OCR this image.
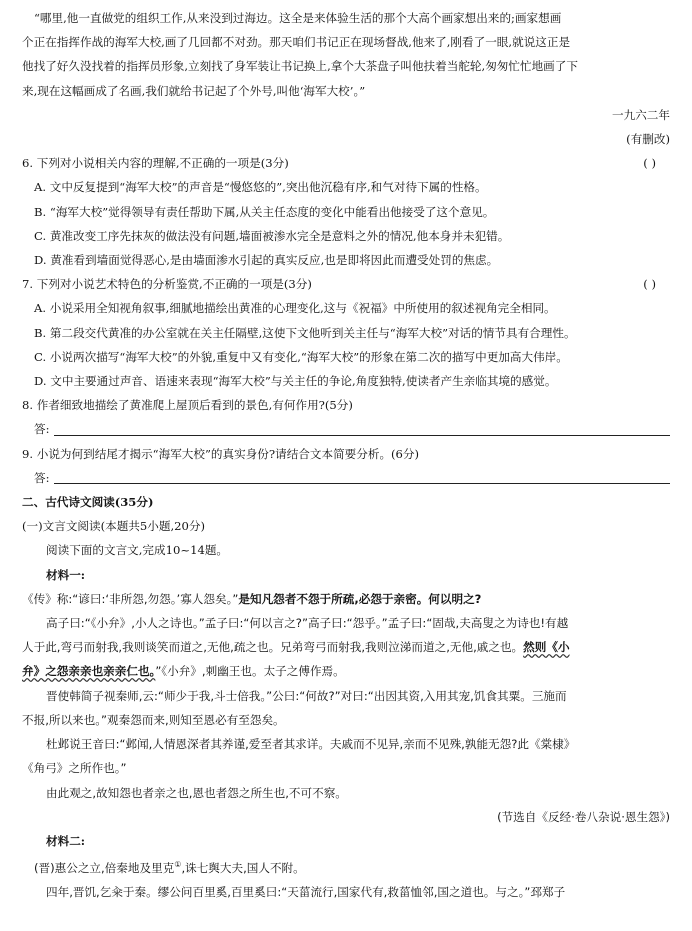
“哪里,他一直做党的组织工作,从来没到过海边。这全是来体验生活的那个大高个画家想出来的;画家想画

个正在指挥作战的海军大校,画了几回都不对劲。那天咱们书记正在现场督战,他来了,刚看了一眼,就说这正是

他找了好久没找着的指挥员形象,立刻找了身军装让书记换上,拿个大茶盘子叫他扶着当舵轮,匆匆忙忙地画了下

来,现在这幅画成了名画,我们就给书记起了个外号,叫他‘海军大校’。”

一九六二年

(有删改)

6. 下列对小说相关内容的理解,不正确的一项是(3分)	( )

A. 文中反复提到“海军大校”的声音是“慢悠悠的”,突出他沉稳有序,和气对待下属的性格。

B. “海军大校”觉得领导有责任帮助下属,从关主任态度的变化中能看出他接受了这个意见。

C. 黄准改变工序先抹灰的做法没有问题,墙面被渗水完全是意料之外的情况,他本身并未犯错。

D. 黄准看到墙面觉得恶心,是由墙面渗水引起的真实反应,也是即将因此而遭受处罚的焦虑。

7. 下列对小说艺术特色的分析鉴赏,不正确的一项是(3分)	( )

A. 小说采用全知视角叙事,细腻地描绘出黄准的心理变化,这与《祝福》中所使用的叙述视角完全相同。

B. 第二段交代黄准的办公室就在关主任隔壁,这使下文他听到关主任与“海军大校”对话的情节具有合理性。

C. 小说两次描写“海军大校”的外貌,重复中又有变化,“海军大校”的形象在第二次的描写中更加高大伟岸。

D. 文中主要通过声音、语速来表现“海军大校”与关主任的争论,角度独特,使读者产生亲临其境的感觉。

8. 作者细致地描绘了黄准爬上屋顶后看到的景色,有何作用?(5分)

答:

9. 小说为何到结尾才揭示“海军大校”的真实身份?请结合文本简要分析。(6分)

答:

二、古代诗文阅读(35分)

(一)文言文阅读(本题共5小题,20分)

阅读下面的文言文,完成10~14题。

材料一:

《传》称:“谚曰:‘非所怨,勿怨。’寡人怨矣。”是知凡怨者不怨于所疏,必怨于亲密。何以明之?

高子曰:“《小弁》,小人之诗也。”孟子曰:“何以言之?”高子曰:“怨乎。”孟子曰:“固哉,夫高叟之为诗也!有越

人于此,弯弓而射我,我则谈笑而道之,无他,疏之也。兄弟弯弓而射我,我则泣涕而道之,无他,戚之也。然则《小

弁》之怨亲亲也亲亲仁也。”《小弁》,刺幽王也。太子之傅作焉。

晋使韩简子视秦师,云:“师少于我,斗士倍我。”公曰:“何故?”对曰:“出因其资,入用其宠,饥食其粟。三施而

不报,所以来也。”观秦怨而来,则知至恩必有至怨矣。

杜邺说王音曰:“邺闻,人情恩深者其养谨,爱至者其求详。夫戚而不见异,亲而不见殊,孰能无怨?此《棠棣》

《角弓》之所作也。”

由此观之,故知怨也者亲之也,恩也者怨之所生也,不可不察。

(节选自《反经·卷八杂说·恩生怨》)

材料二:

(晋)惠公之立,倍秦地及里克①,诛七舆大夫,国人不附。

四年,晋饥,乞籴于秦。缪公问百里奚,百里奚曰:“天菑流行,国家代有,救菑恤邻,国之道也。与之。”邳郑子
